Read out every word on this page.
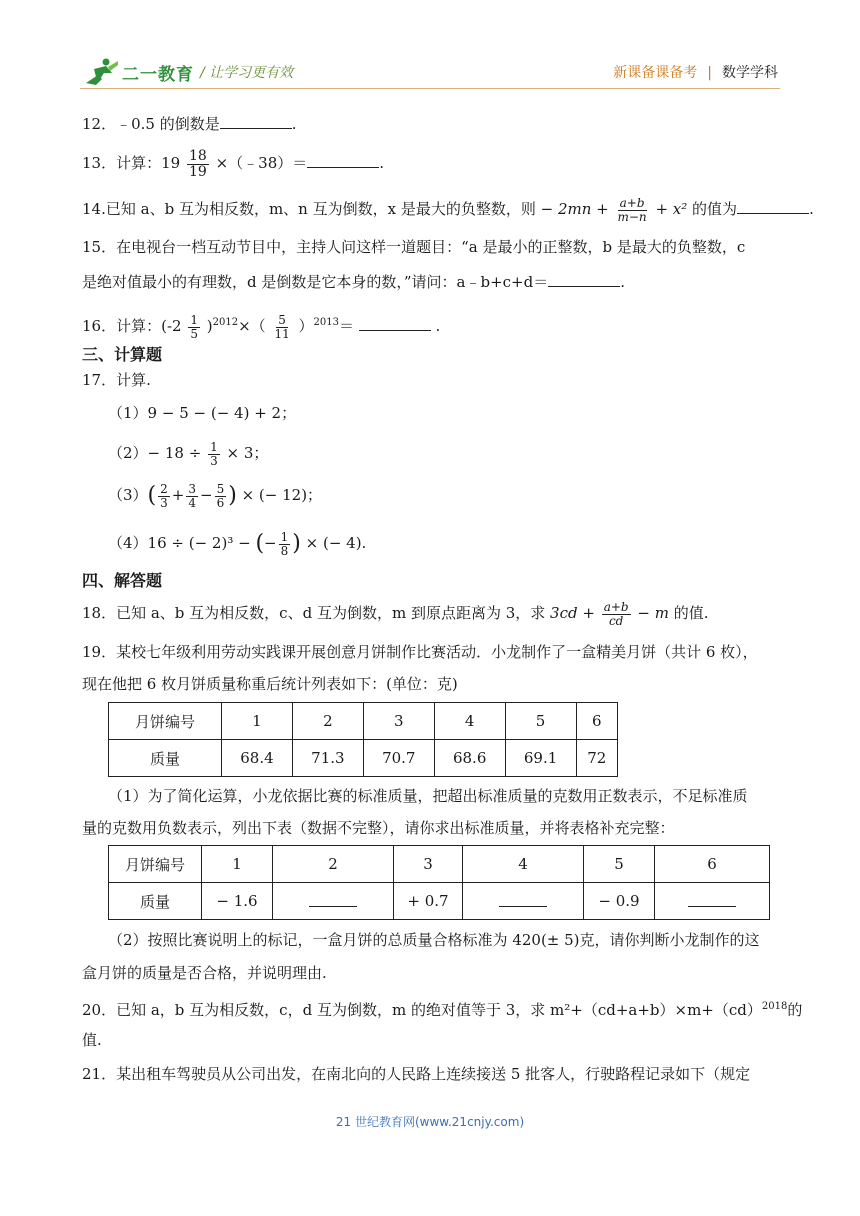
二一教育 / 让学习更有效	新课备课备考 | 数学学科
12．﹣0.5 的倒数是	.
13．计算：$19 \frac{18}{19}$ ×（﹣38）＝	.
14.已知 a、b 互为相反数，m、n 互为倒数，x 是最大的负整数，则 − $2mn + \frac{a+b}{m-n} + x^2$ 的值为	.
15．在电视台一档互动节目中，主持人问这样一道题目：“a 是最小的正整数，b 是最大的负整数，c
是绝对值最小的有理数，d 是倒数是它本身的数，”请问：a﹣b+c+d＝	.
16．计算：$(-2 \frac{1}{5} )^{2012}\times( \frac{5}{11} )^{2013}=$	.
三、计算题
17．计算.
（1）9 − 5 − (− 4) + 2；
$(2)- 18 \div \frac{1}{3} \times 3$；
$(3)( \frac{2}{3} + \frac{3}{4} - \frac{5}{6}$ ) × (− 12)；
（4）16 ÷ (− 2)³ − (− $\frac{1}{8}$ ) × (− 4).
四、解答题
18．已知 a、b 互为相反数，c、d 互为倒数，m 到原点距离为 3，求 $3cd + \frac{a+b}{cd} - m$ 的值.
19．某校七年级利用劳动实践课开展创意月饼制作比赛活动．小龙制作了一盒精美月饼（共计 6 枚），
现在他把 6 枚月饼质量称重后统计列表如下：(单位：克)
月饼编号	1	2	3	4	5	6
质量	68.4	71.3	70.7	68.6	69.1	72
（1）为了简化运算，小龙依据比赛的标准质量，把超出标准质量的克数用正数表示，不足标准质
量的克数用负数表示，列出下表（数据不完整），请你求出标准质量，并将表格补充完整：
月饼编号	1	2	3	4	5	6
质量	− 1.6		+ 0.7		− 0.9	
（2）按照比赛说明上的标记，一盒月饼的总质量合格标准为 420(± 5)克，请你判断小龙制作的这
盒月饼的质量是否合格，并说明理由.
20．已知 a，b 互为相反数，c，d 互为倒数，m 的绝对值等于 3，求 m²+（cd+a+b）×m+（cd）$^{2018}$的
值.
21．某出租车驾驶员从公司出发，在南北向的人民路上连续接送 5 批客人，行驶路程记录如下（规定
21 世纪教育网(www.21cnjy.com)
